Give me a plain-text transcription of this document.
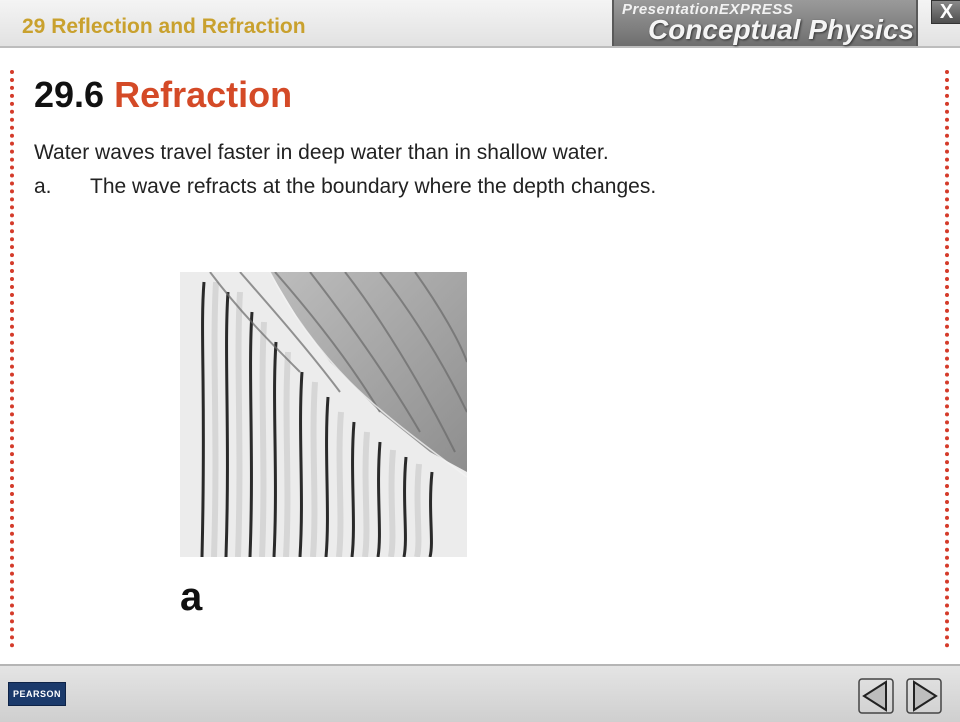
29 Reflection and Refraction
PresentationEXPRESS
Conceptual Physics
X
29.6 Refraction
Water waves travel faster in deep water than in shallow water.
a.	The wave refracts at the boundary where the depth changes.
a
PEARSON
